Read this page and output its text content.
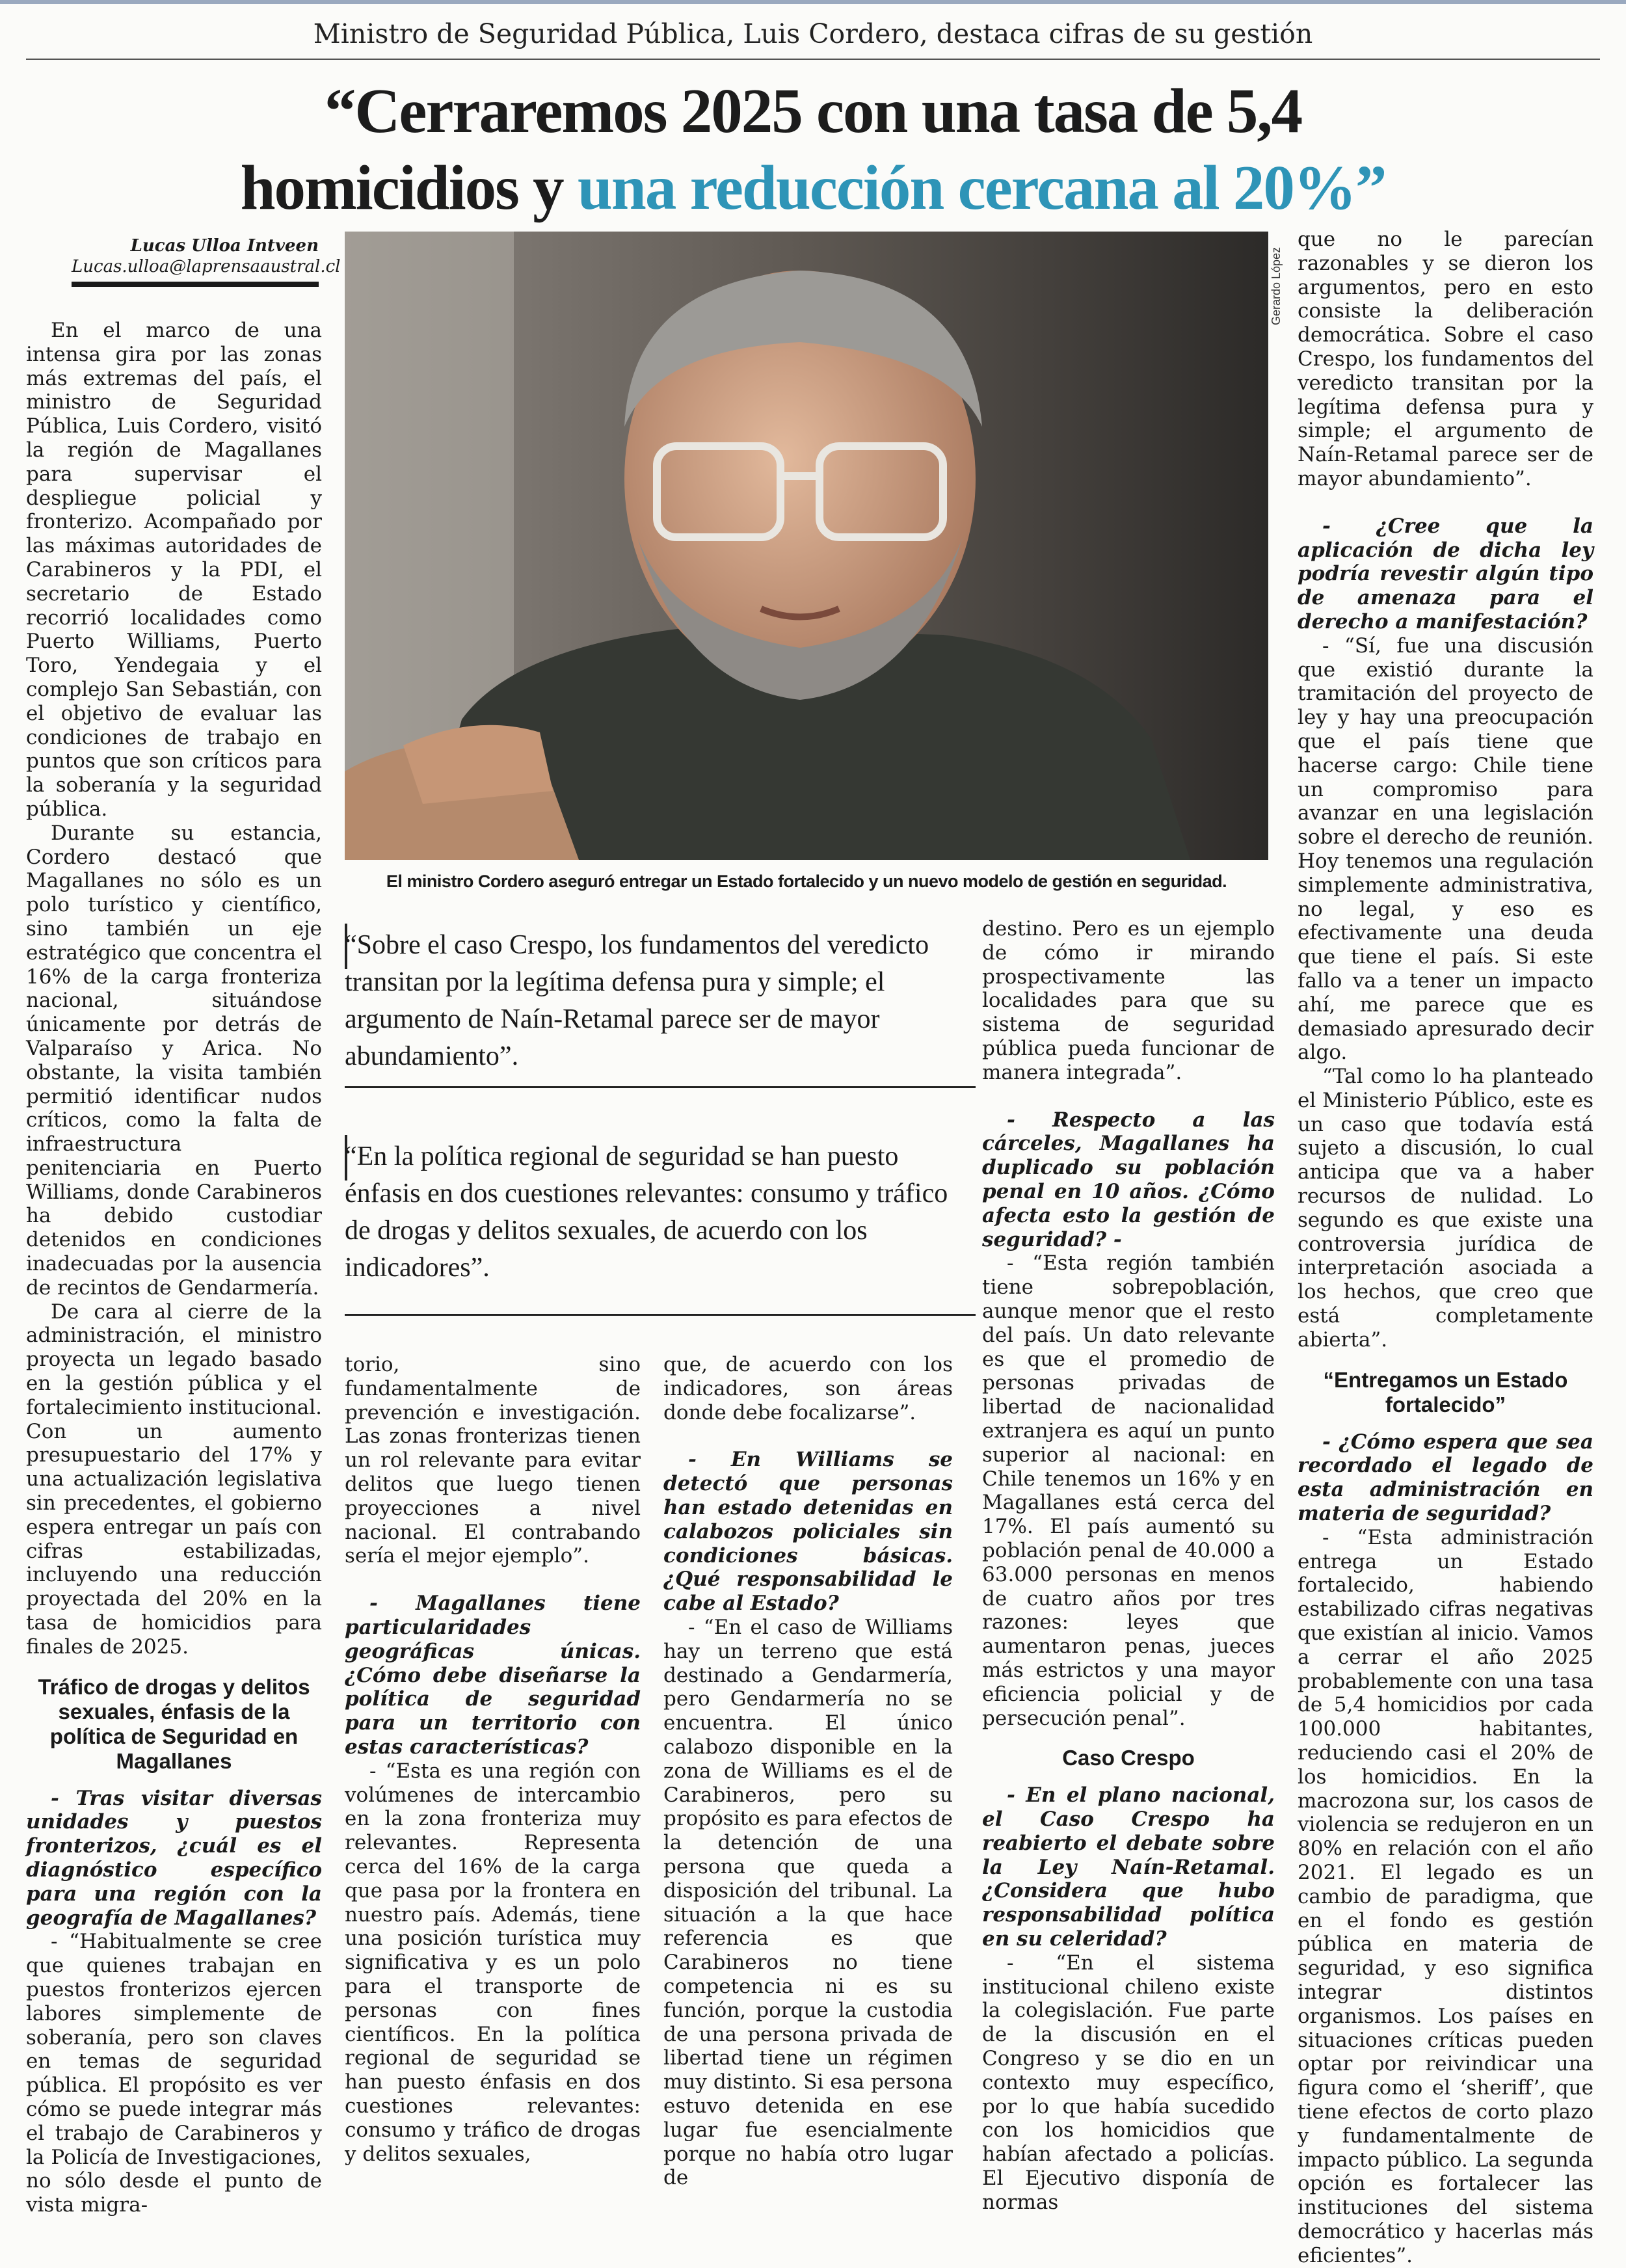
Ministro de Seguridad Pública, Luis Cordero, destaca cifras de su gestión
“Cerraremos 2025 con una tasa de 5,4
homicidios y una reducción cercana al 20%”
Lucas Ulloa Intveen
Lucas.ulloa@laprensaaustral.cl

En el marco de una intensa gira por las zonas más extremas del país, el ministro de Seguridad Pública, Luis Cordero, visitó la región de Magallanes para supervisar el despliegue policial y fronterizo. Acompañado por las máximas autoridades de Carabineros y la PDI, el secretario de Estado recorrió localidades como Puerto Williams, Puerto Toro, Yendegaia y el complejo San Sebastián, con el objetivo de evaluar las condiciones de trabajo en puntos que son críticos para la soberanía y la seguridad pública.

Durante su estancia, Cordero destacó que Magallanes no sólo es un polo turístico y científico, sino también un eje estratégico que concentra el 16% de la carga fronteriza nacional, situándose únicamente por detrás de Valparaíso y Arica. No obstante, la visita también permitió identificar nudos críticos, como la falta de infraestructura penitenciaria en Puerto Williams, donde Carabineros ha debido custodiar detenidos en condiciones inadecuadas por la ausencia de recintos de Gendarmería.

De cara al cierre de la administración, el ministro proyecta un legado basado en la gestión pública y el fortalecimiento institucional. Con un aumento presupuestario del 17% y una actualización legislativa sin precedentes, el gobierno espera entregar un país con cifras estabilizadas, incluyendo una reducción proyectada del 20% en la tasa de homicidios para finales de 2025.

Tráfico de drogas y delitos sexuales, énfasis de la política de Seguridad en Magallanes

- Tras visitar diversas unidades y puestos fronterizos, ¿cuál es el diagnóstico específico para una región con la geografía de Magallanes?

- “Habitualmente se cree que quienes trabajan en puestos fronterizos ejercen labores simplemente de soberanía, pero son claves en temas de seguridad pública. El propósito es ver cómo se puede integrar más el trabajo de Carabineros y la Policía de Investigaciones, no sólo desde el punto de vista migra-

Gerardo López
El ministro Cordero aseguró entregar un Estado fortalecido y un nuevo modelo de gestión en seguridad.
“Sobre el caso Crespo, los fundamentos del veredicto transitan por la legítima defensa pura y simple; el argumento de Naín-Retamal parece ser de mayor abundamiento”.
“En la política regional de seguridad se han puesto énfasis en dos cuestiones relevantes: consumo y tráfico de drogas y delitos sexuales, de acuerdo con los indicadores”.

torio, sino fundamentalmente de prevención e investigación. Las zonas fronterizas tienen un rol relevante para evitar delitos que luego tienen proyecciones a nivel nacional. El contrabando sería el mejor ejemplo”.

- Magallanes tiene particularidades geográficas únicas. ¿Cómo debe diseñarse la política de seguridad para un territorio con estas características?

- “Esta es una región con volúmenes de intercambio en la zona fronteriza muy relevantes. Representa cerca del 16% de la carga que pasa por la frontera en nuestro país. Además, tiene una posición turística muy significativa y es un polo para el transporte de personas con fines científicos. En la política regional de seguridad se han puesto énfasis en dos cuestiones relevantes: consumo y tráfico de drogas y delitos sexuales,

que, de acuerdo con los indicadores, son áreas donde debe focalizarse”.

- En Williams se detectó que personas han estado detenidas en calabozos policiales sin condiciones básicas. ¿Qué responsabilidad le cabe al Estado?

- “En el caso de Williams hay un terreno que está destinado a Gendarmería, pero Gendarmería no se encuentra. El único calabozo disponible en la zona de Williams es el de Carabineros, pero su propósito es para efectos de la detención de una persona que queda a disposición del tribunal. La situación a la que hace referencia es que Carabineros no tiene competencia ni es su función, porque la custodia de una persona privada de libertad tiene un régimen muy distinto. Si esa persona estuvo detenida en ese lugar fue esencialmente porque no había otro lugar de

destino. Pero es un ejemplo de cómo ir mirando prospectivamente las localidades para que su sistema de seguridad pública pueda funcionar de manera integrada”.

- Respecto a las cárceles, Magallanes ha duplicado su población penal en 10 años. ¿Cómo afecta esto la gestión de seguridad? -

- “Esta región también tiene sobrepoblación, aunque menor que el resto del país. Un dato relevante es que el promedio de personas privadas de libertad de nacionalidad extranjera es aquí un punto superior al nacional: en Chile tenemos un 16% y en Magallanes está cerca del 17%. El país aumentó su población penal de 40.000 a 63.000 personas en menos de cuatro años por tres razones: leyes que aumentaron penas, jueces más estrictos y una mayor eficiencia policial y de persecución penal”.

Caso Crespo

- En el plano nacional, el Caso Crespo ha reabierto el debate sobre la Ley Naín-Retamal. ¿Considera que hubo responsabilidad política en su celeridad?

- “En el sistema institucional chileno existe la colegislación. Fue parte de la discusión en el Congreso y se dio en un contexto muy específico, por lo que había sucedido con los homicidios que habían afectado a policías. El Ejecutivo disponía de normas

que no le parecían razonables y se dieron los argumentos, pero en esto consiste la deliberación democrática. Sobre el caso Crespo, los fundamentos del veredicto transitan por la legítima defensa pura y simple; el argumento de Naín-Retamal parece ser de mayor abundamiento”.

- ¿Cree que la aplicación de dicha ley podría revestir algún tipo de amenaza para el derecho a manifestación?

- “Sí, fue una discusión que existió durante la tramitación del proyecto de ley y hay una preocupación que el país tiene que hacerse cargo: Chile tiene un compromiso para avanzar en una legislación sobre el derecho de reunión. Hoy tenemos una regulación simplemente administrativa, no legal, y eso es efectivamente una deuda que tiene el país. Si este fallo va a tener un impacto ahí, me parece que es demasiado apresurado decir algo.

“Tal como lo ha planteado el Ministerio Público, este es un caso que todavía está sujeto a discusión, lo cual anticipa que va a haber recursos de nulidad. Lo segundo es que existe una controversia jurídica de interpretación asociada a los hechos, que creo que está completamente abierta”.

“Entregamos un Estado fortalecido”

- ¿Cómo espera que sea recordado el legado de esta administración en materia de seguridad?

- “Esta administración entrega un Estado fortalecido, habiendo estabilizado cifras negativas que existían al inicio. Vamos a cerrar el año 2025 probablemente con una tasa de 5,4 homicidios por cada 100.000 habitantes, reduciendo casi el 20% de los homicidios. En la macrozona sur, los casos de violencia se redujeron en un 80% en relación con el año 2021. El legado es un cambio de paradigma, que en el fondo es gestión pública en materia de seguridad, y eso significa integrar distintos organismos. Los países en situaciones críticas pueden optar por reivindicar una figura como el ‘sheriff’, que tiene efectos de corto plazo y fundamentalmente de impacto público. La segunda opción es fortalecer las instituciones del sistema democrático y hacerlas más eficientes”.
